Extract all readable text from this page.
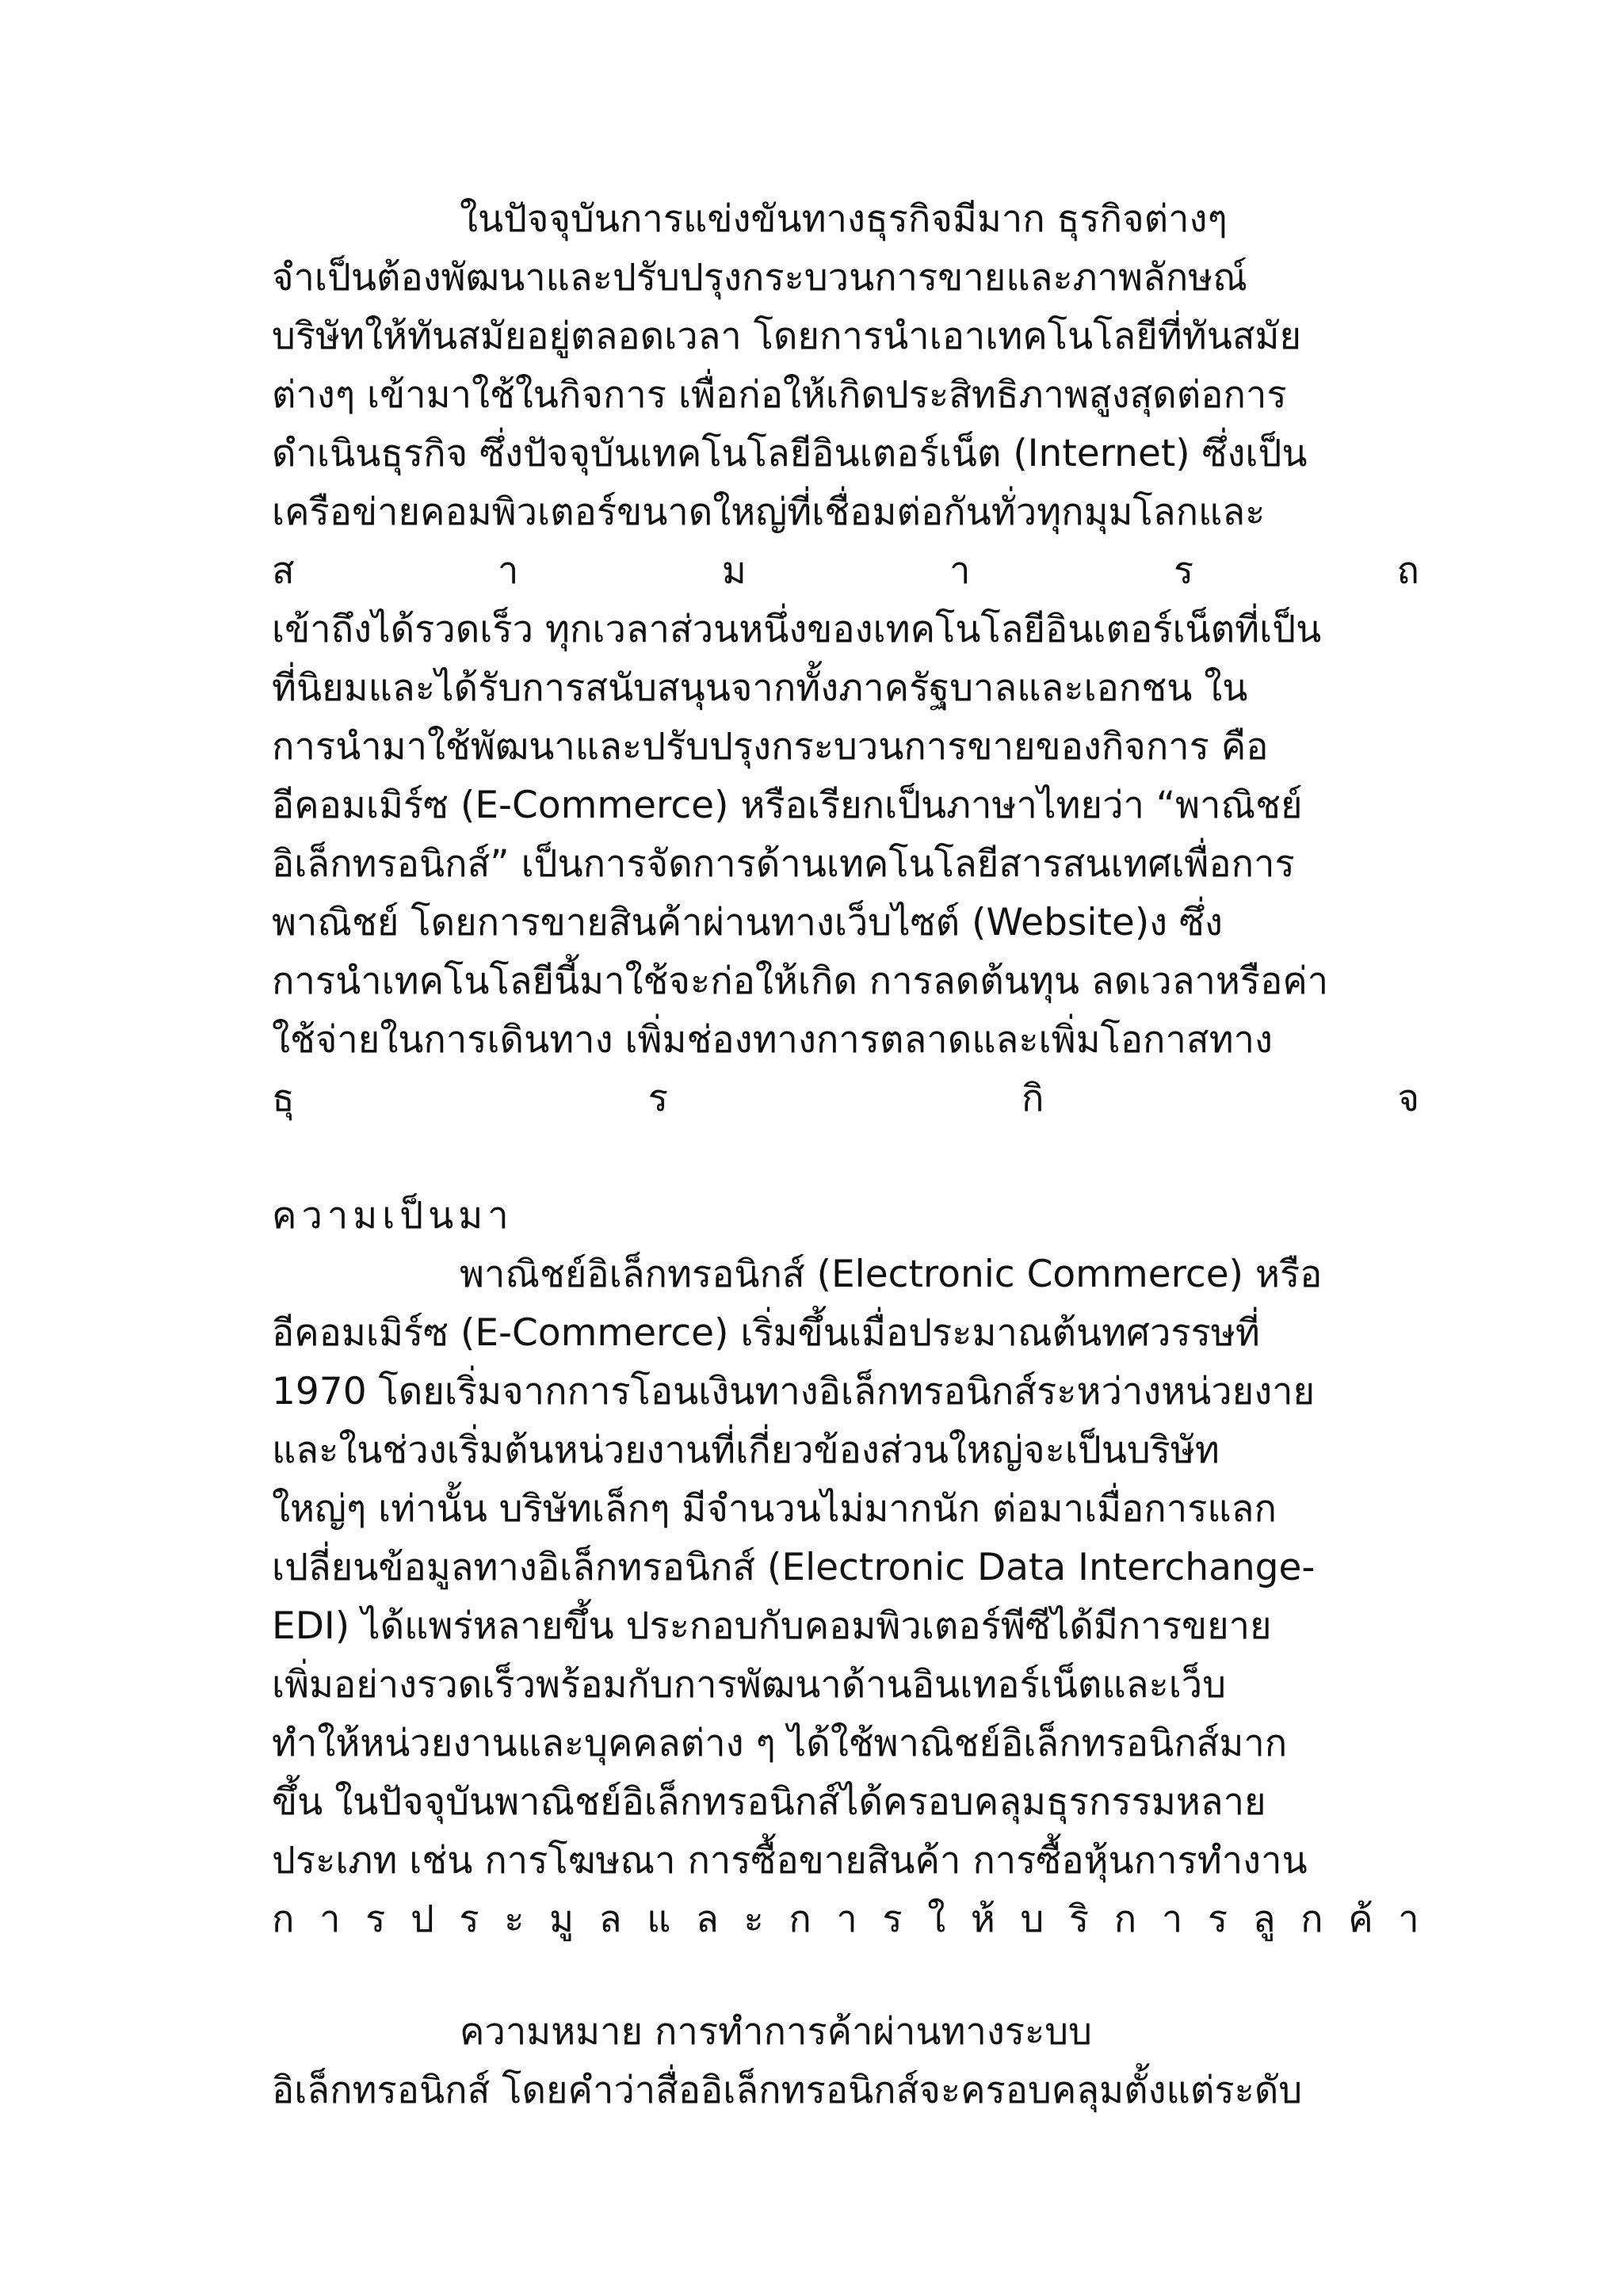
ในปัจจุบันการแข่งขันทางธุรกิจมีมาก ธุรกิจต่างๆ
จำเป็นต้องพัฒนาและปรับปรุงกระบวนการขายและภาพลักษณ์
บริษัทให้ทันสมัยอยู่ตลอดเวลา โดยการนำเอาเทคโนโลยีที่ทันสมัย
ต่างๆ เข้ามาใช้ในกิจการ เพื่อก่อให้เกิดประสิทธิภาพสูงสุดต่อการ
ดำเนินธุรกิจ ซึ่งปัจจุบันเทคโนโลยีอินเตอร์เน็ต (Internet) ซึ่งเป็น
เครือข่ายคอมพิวเตอร์ขนาดใหญ่ที่เชื่อมต่อกันทั่วทุกมุมโลกและ
ส	า	ม	า	ร	ถ
เข้าถึงได้รวดเร็ว ทุกเวลาส่วนหนึ่งของเทคโนโลยีอินเตอร์เน็ตที่เป็น
ที่นิยมและได้รับการสนับสนุนจากทั้งภาครัฐบาลและเอกชน ใน
การนำมาใช้พัฒนาและปรับปรุงกระบวนการขายของกิจการ คือ
อีคอมเมิร์ซ (E-Commerce) หรือเรียกเป็นภาษาไทยว่า “พาณิชย์
อิเล็กทรอนิกส์” เป็นการจัดการด้านเทคโนโลยีสารสนเทศเพื่อการ
พาณิชย์ โดยการขายสินค้าผ่านทางเว็บไซต์ (Website)ง ซึ่ง
การนำเทคโนโลยีนี้มาใช้จะก่อให้เกิด การลดต้นทุน ลดเวลาหรือค่า
ใช้จ่ายในการเดินทาง เพิ่มช่องทางการตลาดและเพิ่มโอกาสทาง
ธุ	ร	กิ	จ
ความเป็นมา
พาณิชย์อิเล็กทรอนิกส์ (Electronic Commerce) หรือ
อีคอมเมิร์ซ (E-Commerce) เริ่มขึ้นเมื่อประมาณต้นทศวรรษที่
1970 โดยเริ่มจากการโอนเงินทางอิเล็กทรอนิกส์ระหว่างหน่วยงาย
และในช่วงเริ่มต้นหน่วยงานที่เกี่ยวข้องส่วนใหญ่จะเป็นบริษัท
ใหญ่ๆ เท่านั้น บริษัทเล็กๆ มีจำนวนไม่มากนัก ต่อมาเมื่อการแลก
เปลี่ยนข้อมูลทางอิเล็กทรอนิกส์ (Electronic Data Interchange-
EDI) ได้แพร่หลายขึ้น ประกอบกับคอมพิวเตอร์พีซีได้มีการขยาย
เพิ่มอย่างรวดเร็วพร้อมกับการพัฒนาด้านอินเทอร์เน็ตและเว็บ
ทำให้หน่วยงานและบุคคลต่าง ๆ ได้ใช้พาณิชย์อิเล็กทรอนิกส์มาก
ขึ้น ในปัจจุบันพาณิชย์อิเล็กทรอนิกส์ได้ครอบคลุมธุรกรรมหลาย
ประเภท เช่น การโฆษณา การซื้อขายสินค้า การซื้อหุ้นการทำงาน
ก า ร ป ร ะ มู ล แ ล ะ ก า ร ใ ห้ บ ริ ก า ร ลู ก ค้ า
ความหมาย การทำการค้าผ่านทางระบบ
อิเล็กทรอนิกส์ โดยคำว่าสื่ออิเล็กทรอนิกส์จะครอบคลุมตั้งแต่ระดับ
